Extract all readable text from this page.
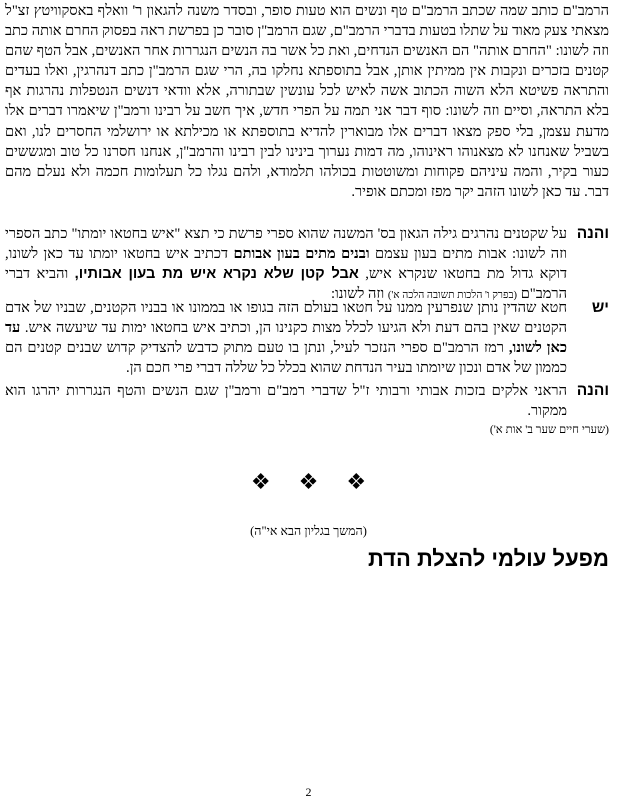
הרמב"ם כותב שמה שכתב הרמב"ם טף ונשים הוא טעות סופר, ובסדר משנה להגאון ר' וואלף באסקוויטץ זצ"ל מצאתי צעק מאוד על שתלו בטעות בדברי הרמב"ם, שגם הרמב"ן סובר כן בפרשת ראה בפסוק החרם אותה כתב וזה לשונו: "החרם אותה" הם האנשים הנדחים, ואת כל אשר בה הנשים הנגררות אחר האנשים, אבל הטף שהם קטנים בזכרים ונקבות אין ממיתין אותן, אבל בתוספתא נחלקו בה, הרי שגם הרמב"ן כתב דנהרגין, ואלו בעדים והתראה פשיטא הלא השוה הכתוב אשה לאיש לכל עונשין שבתורה, אלא וודאי דנשים הנטפלות נהרגות אף בלא התראה, וסיים וזה לשונו: סוף דבר אני תמה על הפרי חדש, איך חשב על רבינו ורמב"ן שיאמרו דברים אלו מדעת עצמן, בלי ספק מצאו דברים אלו מבוארין להדיא בתוספתא או מכילתא או ירושלמי החסרים לנו, ואם בשביל שאנחנו לא מצאנוהו ראינוהו, מה דמות נערוך בינינו לבין רבינו והרמב"ן, אנחנו חסרנו כל טוב ומגששים כעור בקיר, והמה עיניהם פקוחות ומשוטטות בכולהו תלמודא, ולהם נגלו כל תעלומות חכמה ולא נעלם מהם דבר. עד כאן לשונו הזהב יקר מפז ומכתם אופיר.

והנה

על שקטנים נהרגים גילה הגאון בס' המשנה שהוא ספרי פרשת כי תצא "איש בחטאו יומתו" כתב הספרי וזה לשונו: אבות מתים בעון עצמם ובנים מתים בעון אבותם דכתיב איש בחטאו יומתו עד כאן לשונו, דוקא גדול מת בחטאו שנקרא איש, אבל קטן שלא נקרא איש מת בעון אבותיו, והביא דברי הרמב"ם (בפרק ו' הלכות תשובה הלכה א') וזה לשונו:

יש

חטא שהדין נותן שנפרעין ממנו על חטאו בעולם הזה בגופו או בממונו או בבניו הקטנים, שבניו של אדם הקטנים שאין בהם דעת ולא הגיעו לכלל מצות כקנינו הן, וכתיב איש בחטאו ימות עד שיעשה איש. עד כאן לשונו, רמז הרמב"ם ספרי הנזכר לעיל, ונתן בו טעם מתוק כדבש להצדיק קדוש שבנים קטנים הם כממון של אדם ונכון שיומתו בעיר הנדחת שהוא בכלל כל שללה דברי פרי חכם הן.

והנה

הראני אלקים בזכות אבותי ורבותי ז"ל שדברי רמב"ם ורמב"ן שגם הנשים והטף הנגררות יהרגו הוא ממקור.

(שערי חיים שער ב' אות א')
❖ ❖ ❖
(המשך בגליון הבא אי"ה)
מפעל עולמי להצלת הדת
2
